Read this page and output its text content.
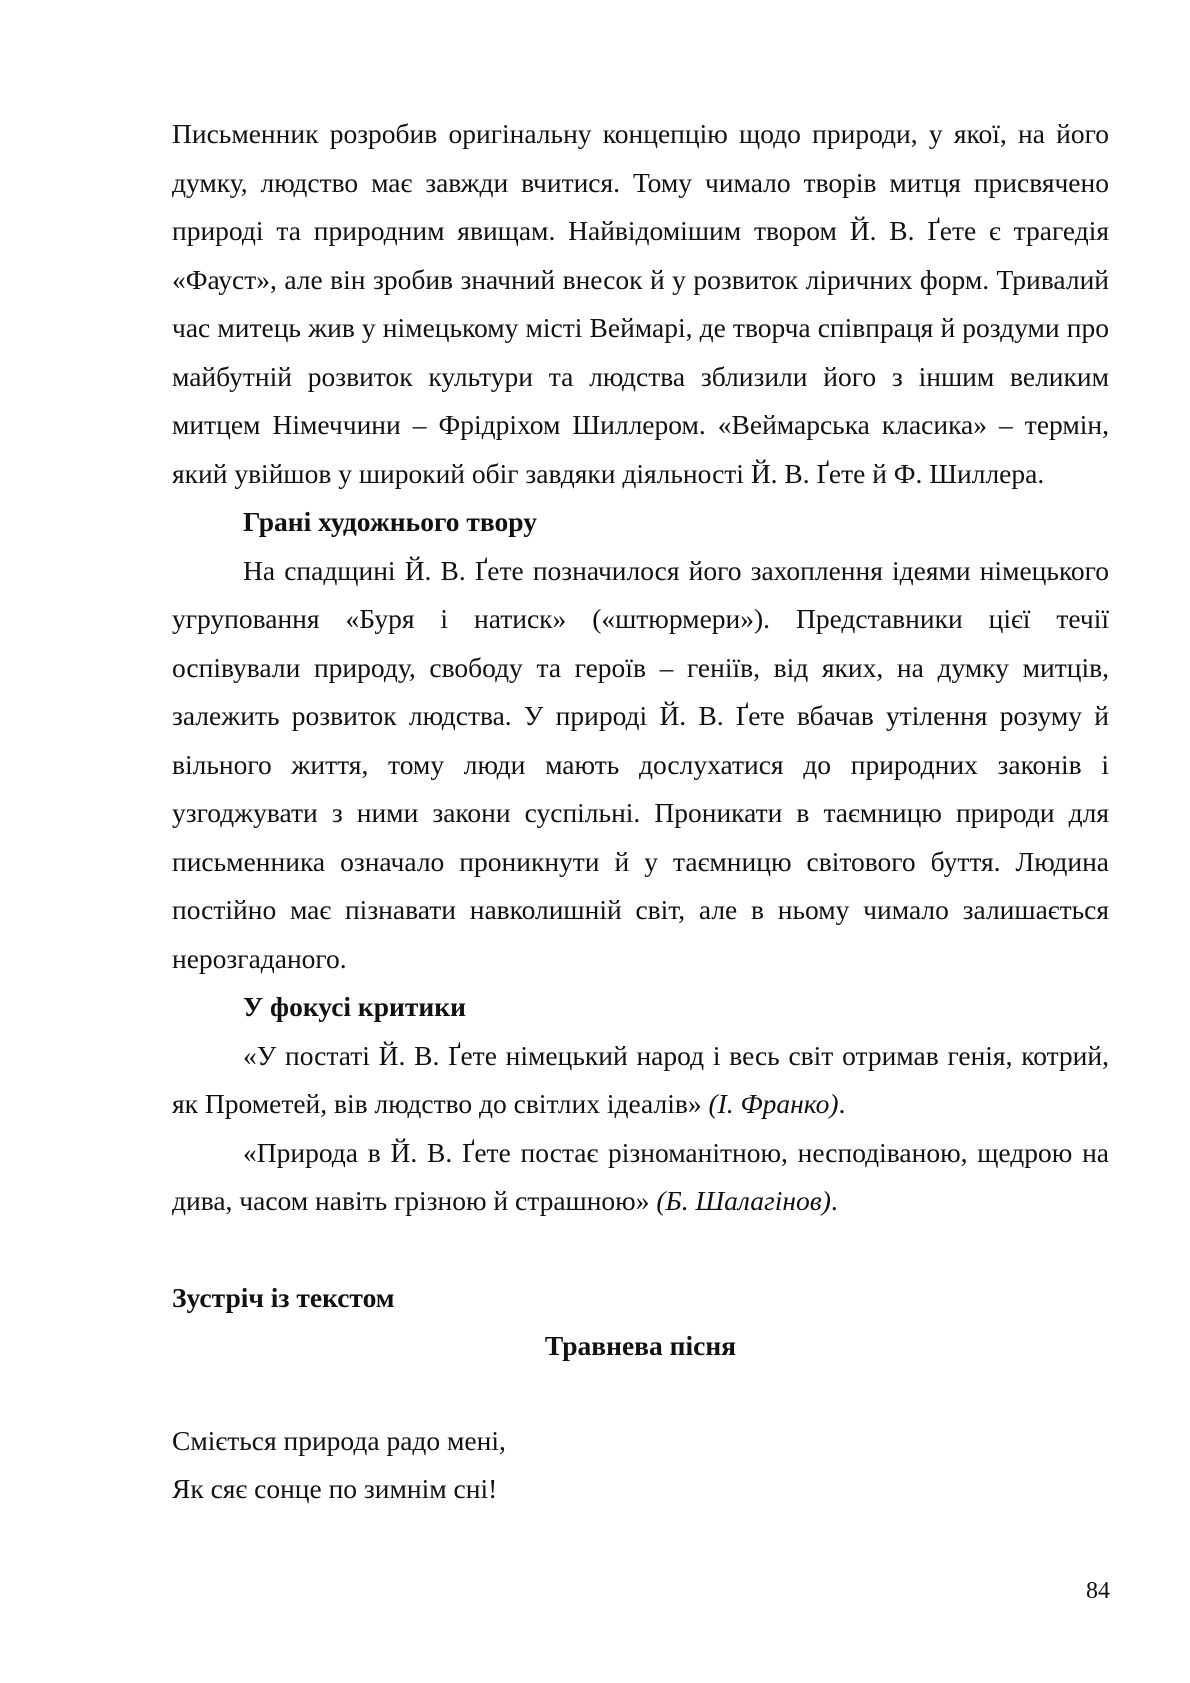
Письменник розробив оригінальну концепцію щодо природи, у якої, на його думку, людство має завжди вчитися. Тому чимало творів митця присвячено природі та природним явищам. Найвідомішим твором Й. В. Ґете є трагедія «Фауст», але він зробив значний внесок й у розвиток ліричних форм. Тривалий час митець жив у німецькому місті Веймарі, де творча співпраця й роздуми про майбутній розвиток культури та людства зблизили його з іншим великим митцем Німеччини – Фрідріхом Шиллером. «Веймарська класика» – термін, який увійшов у широкий обіг завдяки діяльності Й. В. Ґете й Ф. Шиллера.

Грані художнього твору

На спадщині Й. В. Ґете позначилося його захоплення ідеями німецького угруповання «Буря і натиск» («штюрмери»). Представники цієї течії оспівували природу, свободу та героїв – геніїв, від яких, на думку митців, залежить розвиток людства. У природі Й. В. Ґете вбачав утілення розуму й вільного життя, тому люди мають дослухатися до природних законів і узгоджувати з ними закони суспільні. Проникати в таємницю природи для письменника означало проникнути й у таємницю світового буття. Людина постійно має пізнавати навколишній світ, але в ньому чимало залишається нерозгаданого.

У фокусі критики

«У постаті Й. В. Ґете німецький народ і весь світ отримав генія, котрий, як Прометей, вів людство до світлих ідеалів» (І. Франко).

«Природа в Й. В. Ґете постає різноманітною, несподіваною, щедрою на дива, часом навіть грізною й страшною» (Б. Шалагінов).

Зустріч із текстом

Травнева пісня

Сміється природа радо мені,

Як сяє сонце по зимнім сні!

84
